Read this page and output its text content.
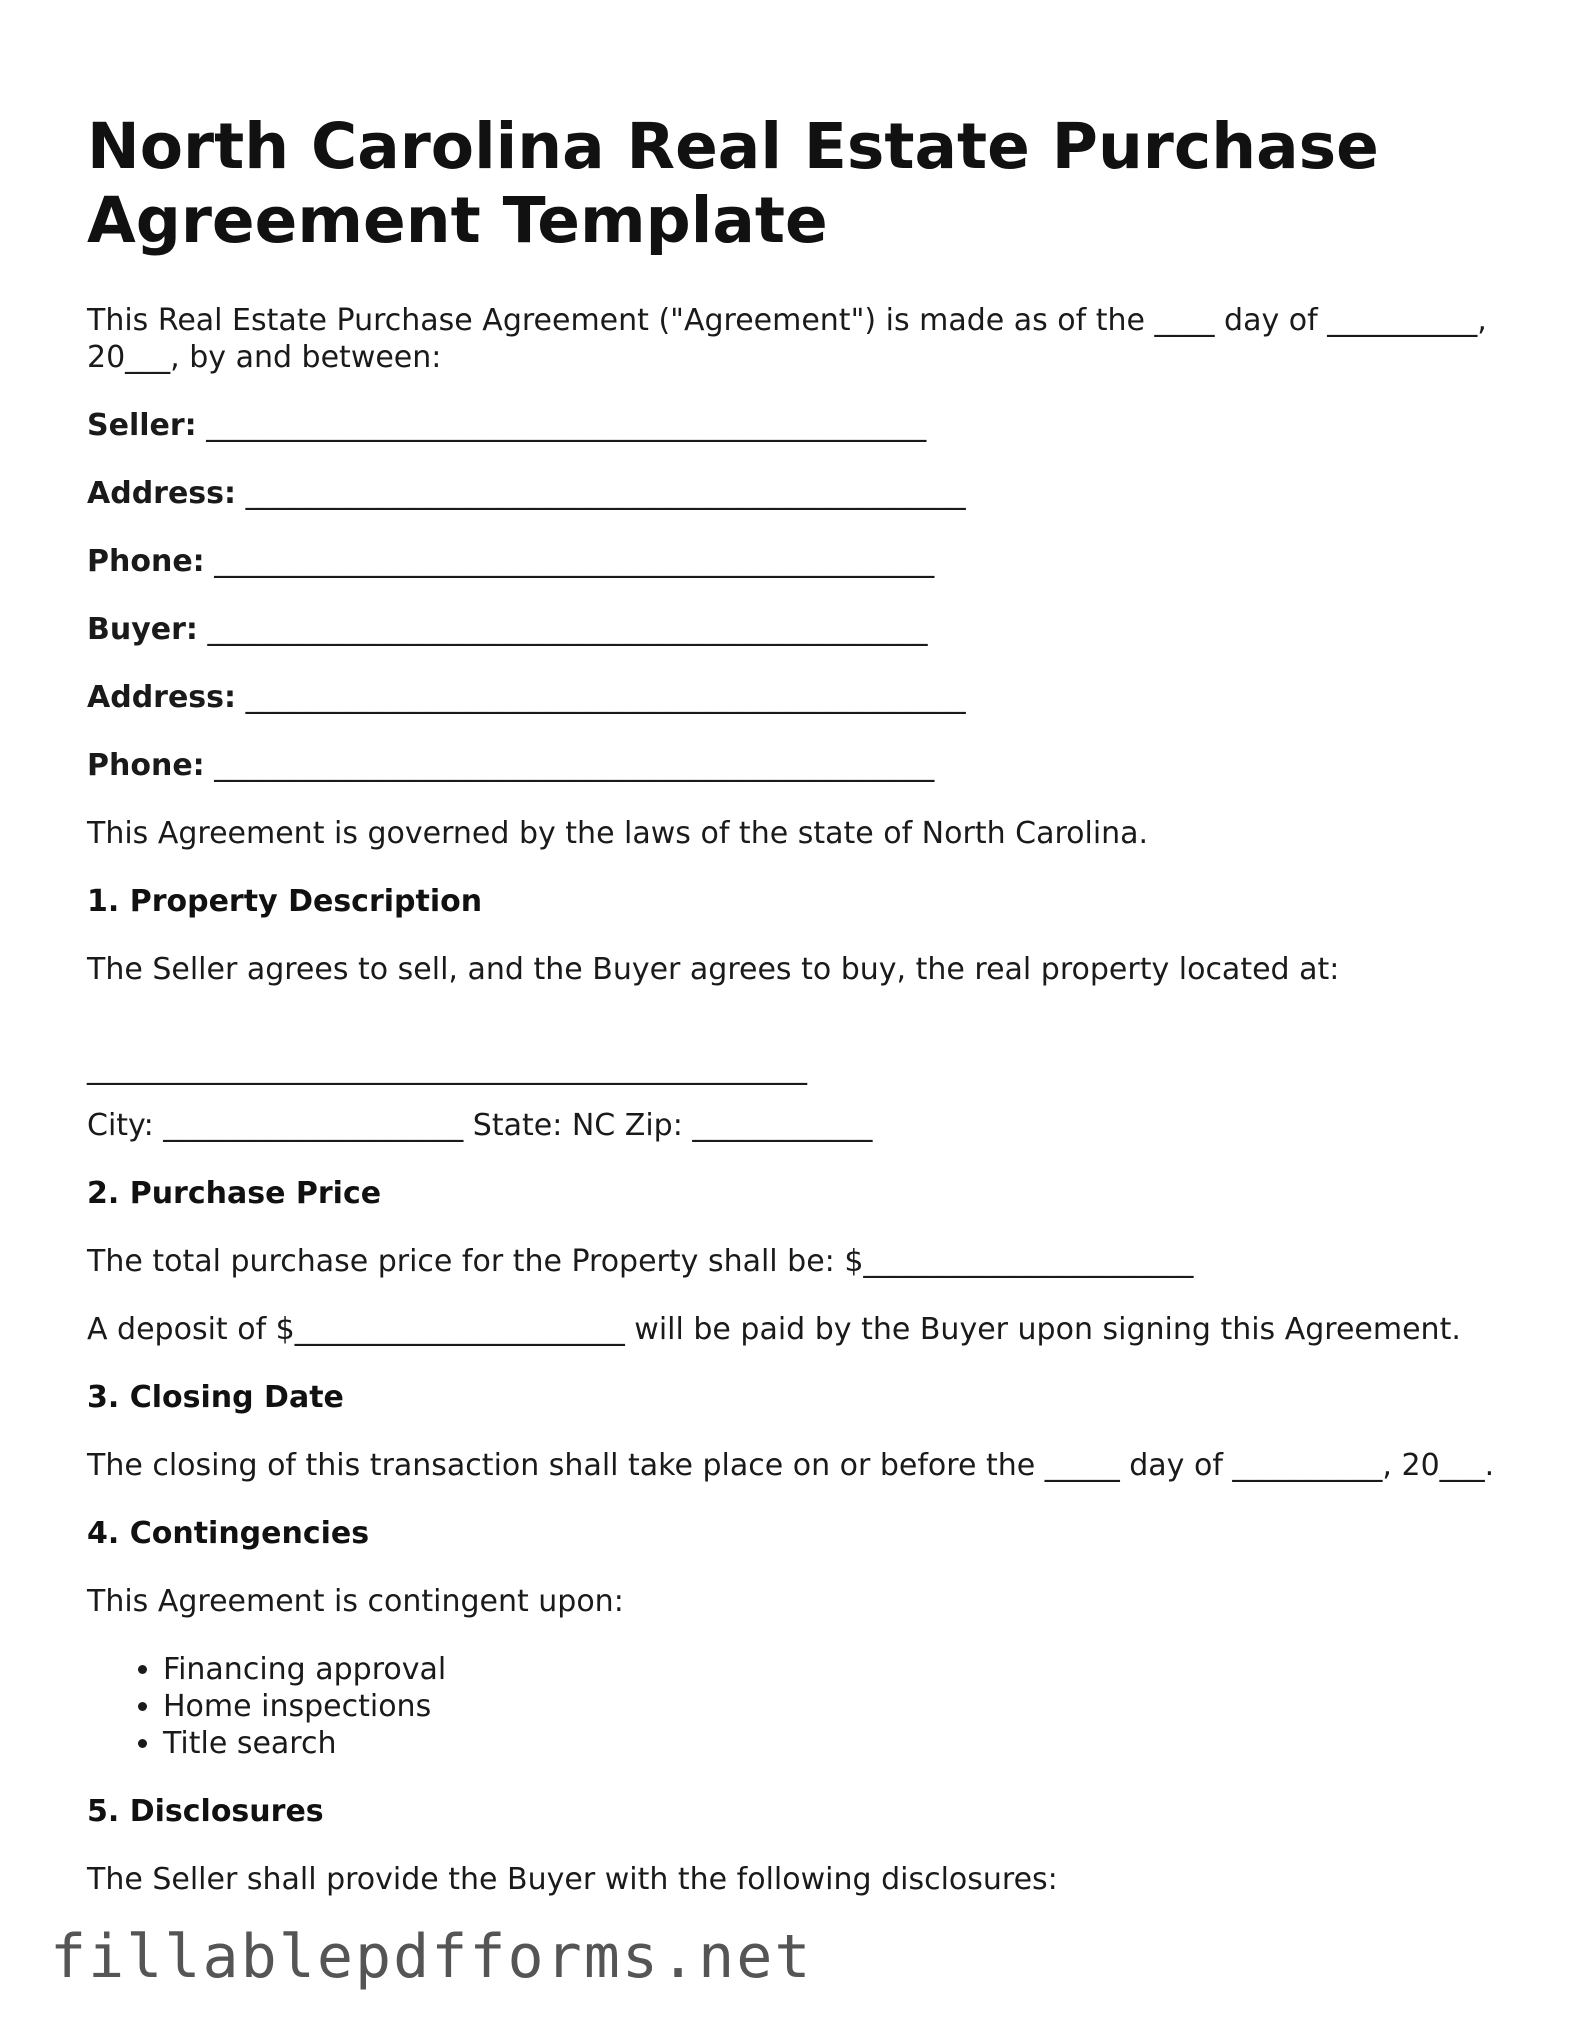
North Carolina Real Estate Purchase
Agreement Template

This Real Estate Purchase Agreement ("Agreement") is made as of the ____ day of __________, 20___, by and between:

Seller: ________________________________________________
Address: ________________________________________________
Phone: ________________________________________________
Buyer: ________________________________________________
Address: ________________________________________________
Phone: ________________________________________________

This Agreement is governed by the laws of the state of North Carolina.

1. Property Description

The Seller agrees to sell, and the Buyer agrees to buy, the real property located at:

________________________________________________

City: ____________________ State: NC Zip: ____________

2. Purchase Price

The total purchase price for the Property shall be: $______________________

A deposit of $______________________ will be paid by the Buyer upon signing this Agreement.

3. Closing Date

The closing of this transaction shall take place on or before the _____ day of __________, 20___.

4. Contingencies

This Agreement is contingent upon:

• Financing approval
• Home inspections
• Title search
5. Disclosures

The Seller shall provide the Buyer with the following disclosures:

fillablepdfforms.net
